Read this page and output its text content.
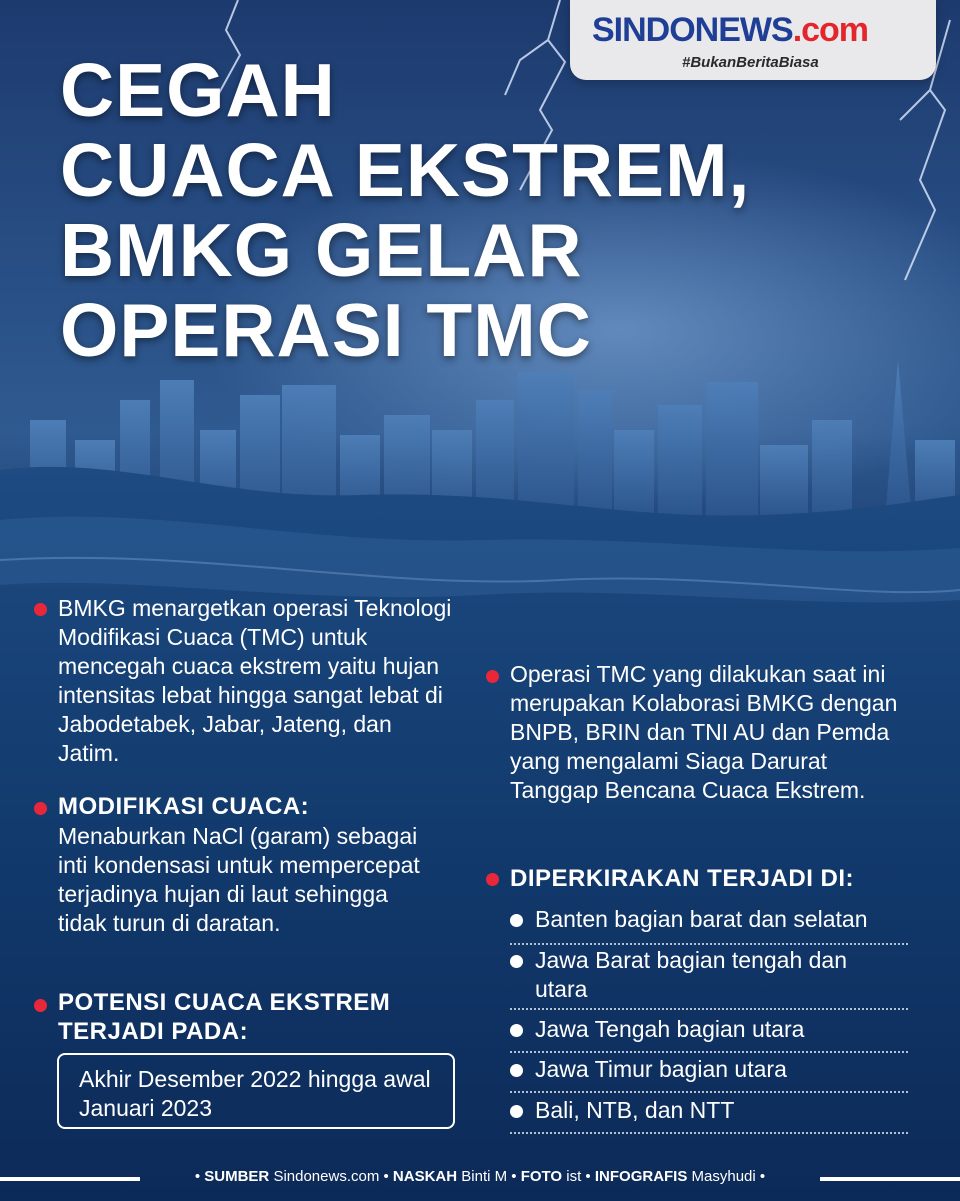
SINDONEWS.com
#BukanBeritaBiasa
CEGAH
CUACA EKSTREM,
BMKG GELAR
OPERASI TMC

BMKG menargetkan operasi Teknologi Modifikasi Cuaca (TMC) untuk mencegah cuaca ekstrem yaitu hujan intensitas lebat hingga sangat lebat di Jabodetabek, Jabar, Jateng, dan Jatim.

MODIFIKASI CUACA:

Menaburkan NaCl (garam) sebagai inti kondensasi untuk mempercepat terjadinya hujan di laut sehingga tidak turun di daratan.

POTENSI CUACA EKSTREM TERJADI PADA:

Akhir Desember 2022 hingga awal Januari 2023

Operasi TMC yang dilakukan saat ini merupakan Kolaborasi BMKG dengan BNPB, BRIN dan TNI AU dan Pemda yang mengalami Siaga Darurat Tanggap Bencana Cuaca Ekstrem.

DIPERKIRAKAN TERJADI DI:

Banten bagian barat dan selatan
Jawa Barat bagian tengah dan utara
Jawa Tengah bagian utara
Jawa Timur bagian utara
Bali, NTB, dan NTT
• SUMBER Sindonews.com • NASKAH Binti M • FOTO ist • INFOGRAFIS Masyhudi •
